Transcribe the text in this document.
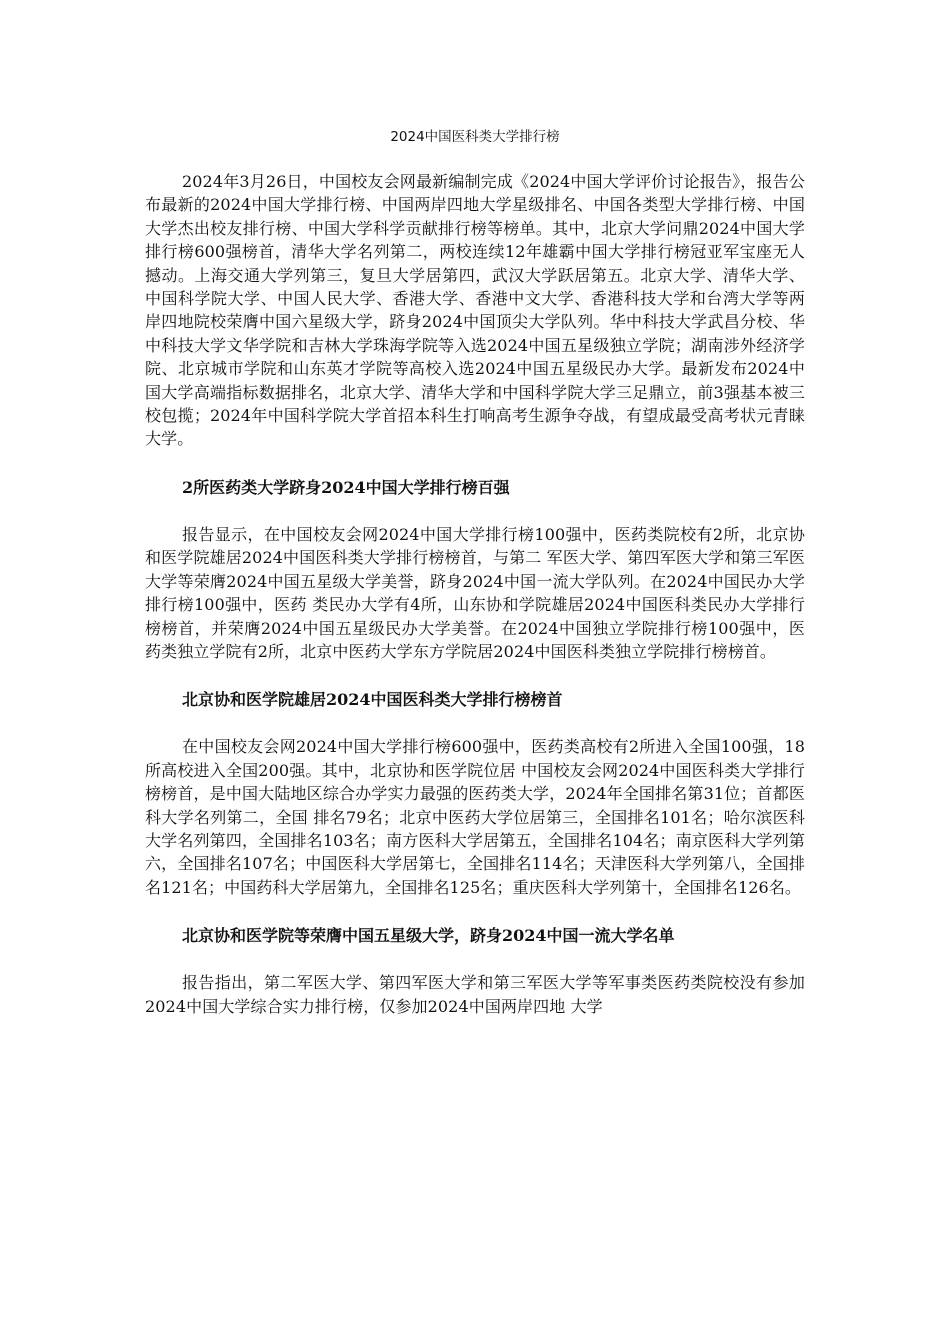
2024中国医科类大学排行榜

2024年3月26日，中国校友会网最新编制完成《2024中国大学评价讨论报告》，报告公布最新的2024中国大学排行榜、中国两岸四地大学星级排名、中国各类型大学排行榜、中国大学杰出校友排行榜、中国大学科学贡献排行榜等榜单。其中，北京大学问鼎2024中国大学排行榜600强榜首，清华大学名列第二，两校连续12年雄霸中国大学排行榜冠亚军宝座无人撼动。上海交通大学列第三，复旦大学居第四，武汉大学跃居第五。北京大学、清华大学、中国科学院大学、中国人民大学、香港大学、香港中文大学、香港科技大学和台湾大学等两岸四地院校荣膺中国六星级大学，跻身2024中国顶尖大学队列。华中科技大学武昌分校、华中科技大学文华学院和吉林大学珠海学院等入选2024中国五星级独立学院；湖南涉外经济学院、北京城市学院和山东英才学院等高校入选2024中国五星级民办大学。最新发布2024中国大学高端指标数据排名，北京大学、清华大学和中国科学院大学三足鼎立，前3强基本被三校包揽；2024年中国科学院大学首招本科生打响高考生源争夺战，有望成最受高考状元青睐大学。

2所医药类大学跻身2024中国大学排行榜百强

报告显示，在中国校友会网2024中国大学排行榜100强中，医药类院校有2所，北京协和医学院雄居2024中国医科类大学排行榜榜首，与第二 军医大学、第四军医大学和第三军医大学等荣膺2024中国五星级大学美誉，跻身2024中国一流大学队列。在2024中国民办大学排行榜100强中，医药 类民办大学有4所，山东协和学院雄居2024中国医科类民办大学排行榜榜首，并荣膺2024中国五星级民办大学美誉。在2024中国独立学院排行榜100强中，医药类独立学院有2所，北京中医药大学东方学院居2024中国医科类独立学院排行榜榜首。

北京协和医学院雄居2024中国医科类大学排行榜榜首

在中国校友会网2024中国大学排行榜600强中，医药类高校有2所进入全国100强，18所高校进入全国200强。其中，北京协和医学院位居 中国校友会网2024中国医科类大学排行榜榜首，是中国大陆地区综合办学实力最强的医药类大学，2024年全国排名第31位；首都医科大学名列第二，全国 排名79名；北京中医药大学位居第三，全国排名101名；哈尔滨医科大学名列第四，全国排名103名；南方医科大学居第五，全国排名104名；南京医科大学列第六，全国排名107名；中国医科大学居第七，全国排名114名；天津医科大学列第八，全国排名121名；中国药科大学居第九，全国排名125名；重庆医科大学列第十，全国排名126名。

北京协和医学院等荣膺中国五星级大学，跻身2024中国一流大学名单

报告指出，第二军医大学、第四军医大学和第三军医大学等军事类医药类院校没有参加2024中国大学综合实力排行榜，仅参加2024中国两岸四地 大学
